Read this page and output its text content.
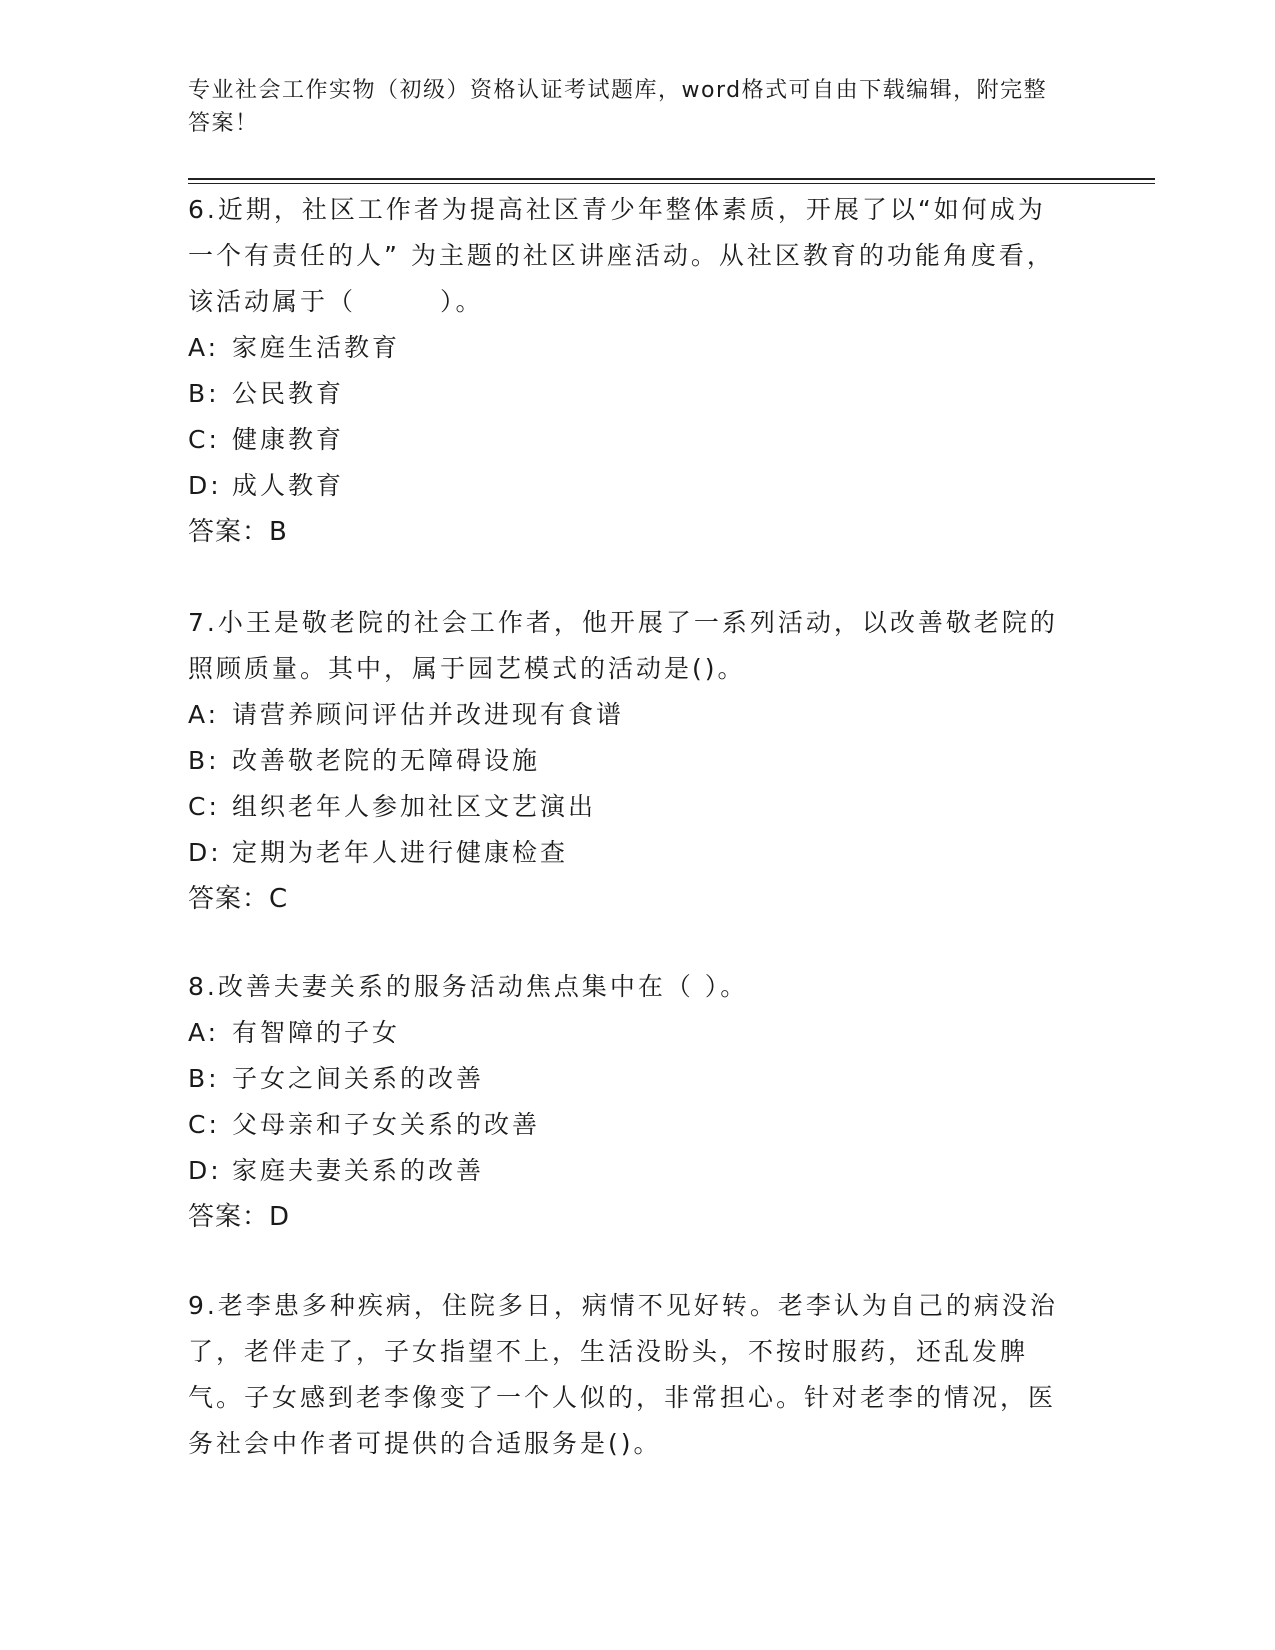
专业社会工作实物（初级）资格认证考试题库，word格式可自由下载编辑，附完整答案！

6.近期，社区工作者为提高社区青少年整体素质，开展了以“如何成为一个有责任的人” 为主题的社区讲座活动。从社区教育的功能角度看，该活动属于（　　　）。

A: 家庭生活教育

B: 公民教育

C: 健康教育

D: 成人教育

答案：B

7.小王是敬老院的社会工作者，他开展了一系列活动，以改善敬老院的照顾质量。其中，属于园艺模式的活动是()。

A: 请营养顾问评估并改进现有食谱

B: 改善敬老院的无障碍设施

C: 组织老年人参加社区文艺演出

D: 定期为老年人进行健康检查

答案：C

8.改善夫妻关系的服务活动焦点集中在（ ）。

A: 有智障的子女

B: 子女之间关系的改善

C: 父母亲和子女关系的改善

D: 家庭夫妻关系的改善

答案：D

9.老李患多种疾病，住院多日，病情不见好转。老李认为自己的病没治了，老伴走了，子女指望不上，生活没盼头，不按时服药，还乱发脾气。子女感到老李像变了一个人似的，非常担心。针对老李的情况，医务社会中作者可提供的合适服务是()。
